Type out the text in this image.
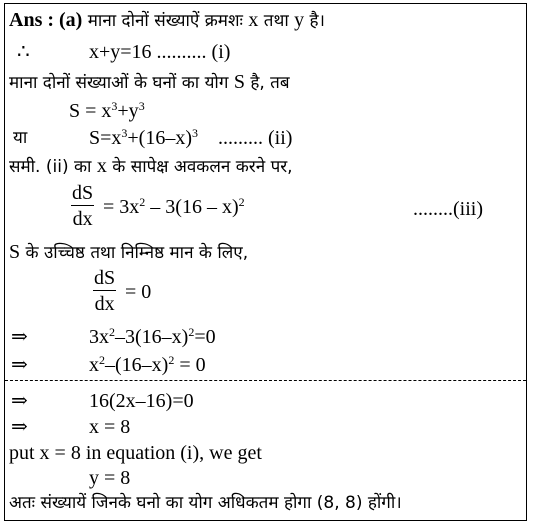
Ans : (a) माना दोनों संख्याऐं क्रमशः x तथा y है।
∴	x+y=16 .......... (i)
माना दोनों संख्याओं के घनों का योग S है, तब
$S = x^3+y^3$
या	$S=x^3+(16-x)^3$ ......... (ii)
समी. (ii) का x के सापेक्ष अवकलन करने पर,
$\frac{dS}{dx} = 3x^2 - 3(16 - x)^2$	........(iii)
S के उच्चिष्ठ तथा निम्निष्ठ मान के लिए,
$\frac{dS}{dx} = 0$
⇒	$3x^2-3(16-x)^2=0$
⇒	$x^2-(16-x)^2 = 0$
⇒	16(2x–16)=0
⇒	x = 8
put x = 8 in equation (i), we get
y = 8
अतः संख्यायें जिनके घनो का योग अधिकतम होगा (8, 8) होंगी।
